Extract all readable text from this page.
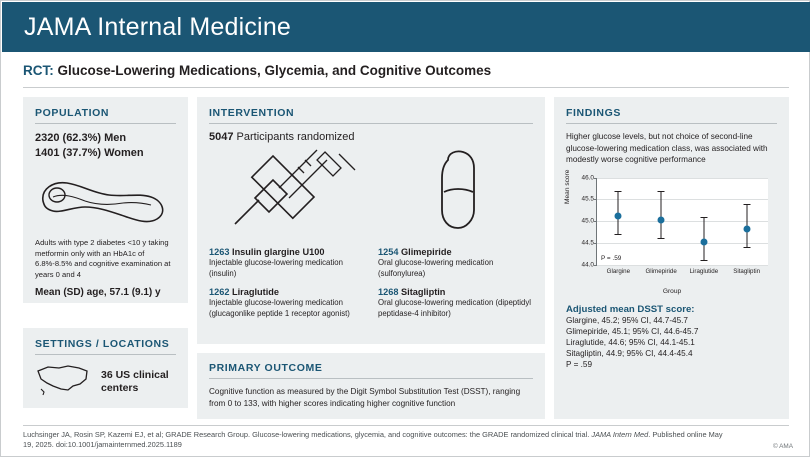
JAMA Internal Medicine
RCT: Glucose-Lowering Medications, Glycemia, and Cognitive Outcomes
POPULATION
2320 (62.3%) Men
1401 (37.7%) Women
Adults with type 2 diabetes <10 y taking metformin only with an HbA1c of 6.8%-8.5% and cognitive examination at years 0 and 4
Mean (SD) age, 57.1 (9.1) y
SETTINGS / LOCATIONS
36 US clinical centers
INTERVENTION
5047 Participants randomized
1263 Insulin glargine U100
Injectable glucose-lowering medication (insulin)
1262 Liraglutide
Injectable glucose-lowering medication (glucagonlike peptide 1 receptor agonist)
1254 Glimepiride
Oral glucose-lowering medication (sulfonylurea)
1268 Sitagliptin
Oral glucose-lowering medication (dipeptidyl peptidase-4 inhibitor)
PRIMARY OUTCOME
Cognitive function as measured by the Digit Symbol Substitution Test (DSST), ranging from 0 to 133, with higher scores indicating higher cognitive function
FINDINGS
Higher glucose levels, but not choice of second-line glucose-lowering medication class, was associated with modestly worse cognitive performance
Mean score 46.0
45.5
45.0
44.5
44.0
Glargine Glimepiride Liraglutide Sitagliptin
P = .59
Group
Adjusted mean DSST score:
Glargine, 45.2; 95% CI, 44.7-45.7
Glimepiride, 45.1; 95% CI, 44.6-45.7
Liraglutide, 44.6; 95% CI, 44.1-45.1
Sitagliptin, 44.9; 95% CI, 44.4-45.4
P = .59
Luchsinger JA, Rosin SP, Kazemi EJ, et al; GRADE Research Group. Glucose-lowering medications, glycemia, and cognitive outcomes: the GRADE randomized clinical trial. JAMA Intern Med. Published online May 19, 2025. doi:10.1001/jamainternmed.2025.1189	© AMA
